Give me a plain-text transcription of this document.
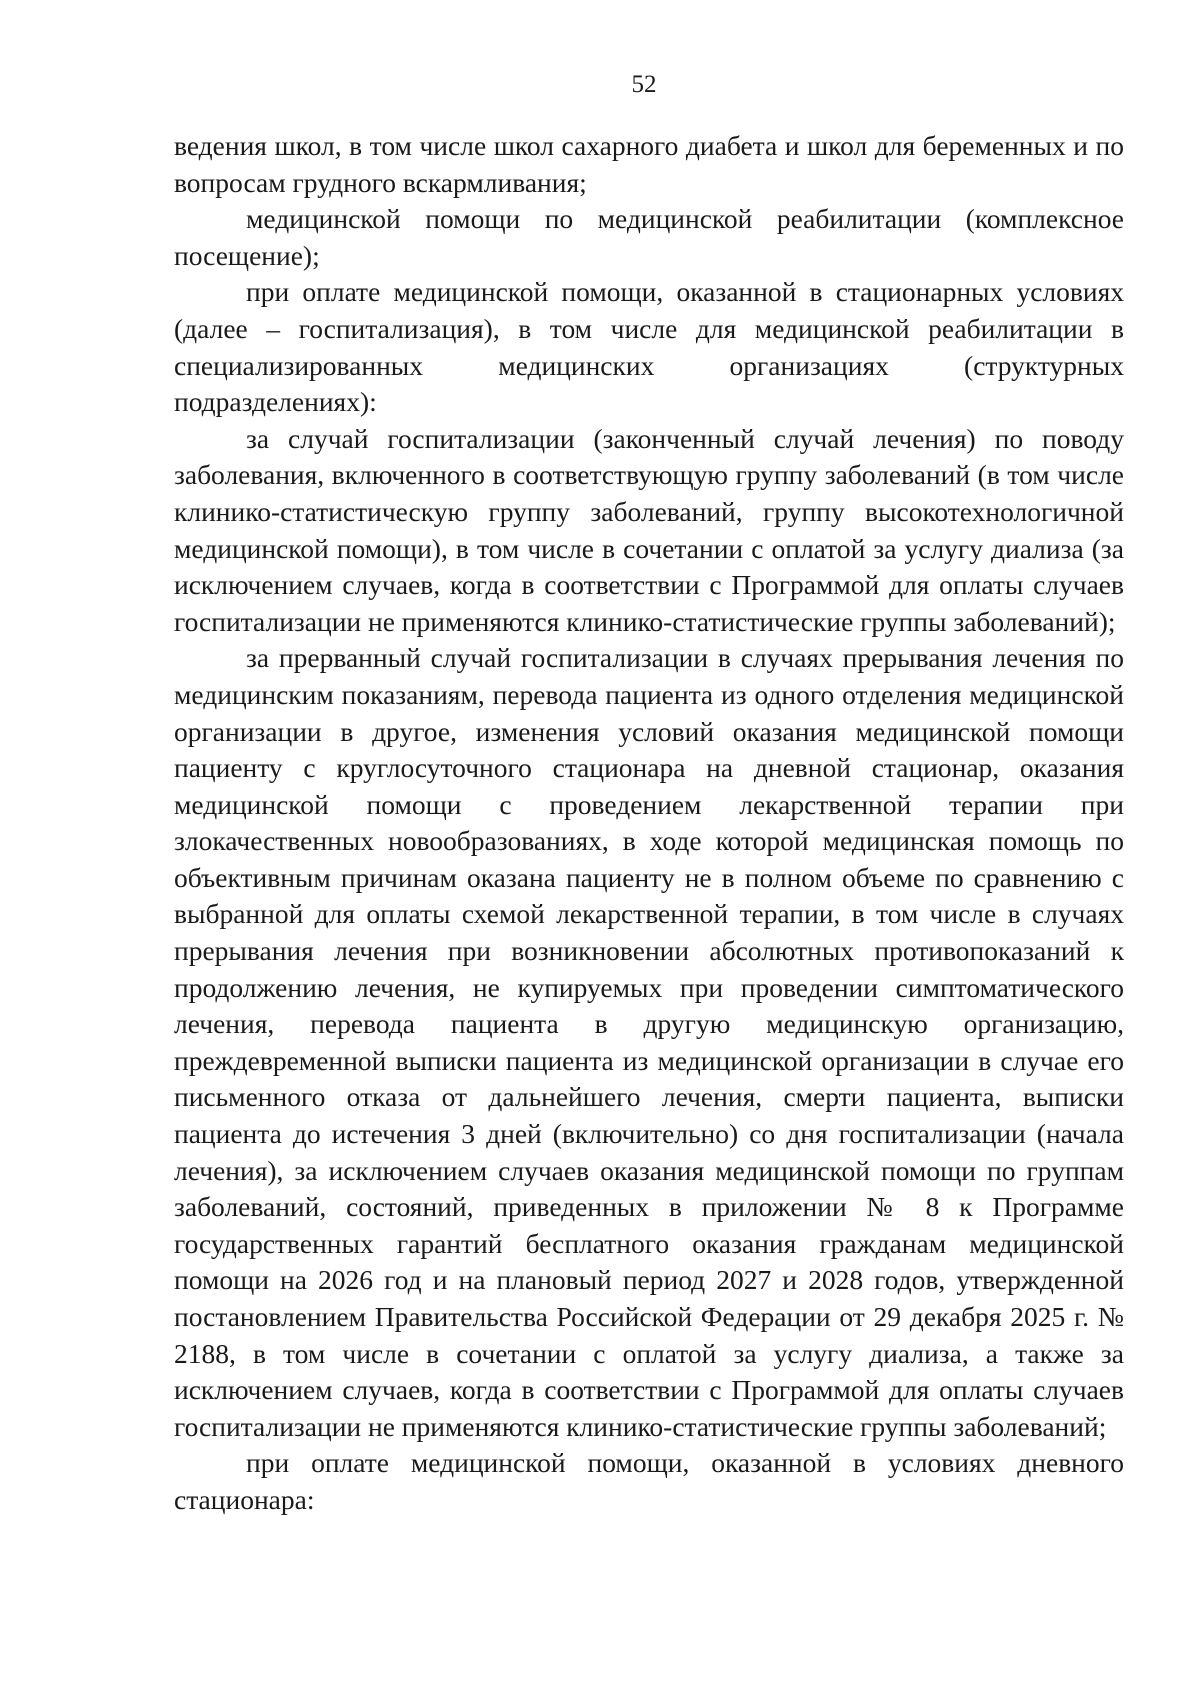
52

ведения школ, в том числе школ сахарного диабета и школ для беременных и по вопросам грудного вскармливания;

медицинской помощи по медицинской реабилитации (комплексное посещение);

при оплате медицинской помощи, оказанной в стационарных условиях (далее – госпитализация), в том числе для медицинской реабилитации в специализированных медицинских организациях (структурных подразделениях):

за случай госпитализации (законченный случай лечения) по поводу заболевания, включенного в соответствующую группу заболеваний (в том числе клинико-статистическую группу заболеваний, группу высокотехнологичной медицинской помощи), в том числе в сочетании с оплатой за услугу диализа (за исключением случаев, когда в соответствии с Программой для оплаты случаев госпитализации не применяются клинико-статистические группы заболеваний);

за прерванный случай госпитализации в случаях прерывания лечения по медицинским показаниям, перевода пациента из одного отделения медицинской организации в другое, изменения условий оказания медицинской помощи пациенту с круглосуточного стационара на дневной стационар, оказания медицинской помощи с проведением лекарственной терапии при злокачественных новообразованиях, в ходе которой медицинская помощь по объективным причинам оказана пациенту не в полном объеме по сравнению с выбранной для оплаты схемой лекарственной терапии, в том числе в случаях прерывания лечения при возникновении абсолютных противопоказаний к продолжению лечения, не купируемых при проведении симптоматического лечения, перевода пациента в другую медицинскую организацию, преждевременной выписки пациента из медицинской организации в случае его письменного отказа от дальнейшего лечения, смерти пациента, выписки пациента до истечения 3 дней (включительно) со дня госпитализации (начала лечения), за исключением случаев оказания медицинской помощи по группам заболеваний, состояний, приведенных в приложении № 8 к Программе государственных гарантий бесплатного оказания гражданам медицинской помощи на 2026 год и на плановый период 2027 и 2028 годов, утвержденной постановлением Правительства Российской Федерации от 29 декабря 2025 г. № 2188, в том числе в сочетании с оплатой за услугу диализа, а также за исключением случаев, когда в соответствии с Программой для оплаты случаев госпитализации не применяются клинико-статистические группы заболеваний;

при оплате медицинской помощи, оказанной в условиях дневного стационара:
